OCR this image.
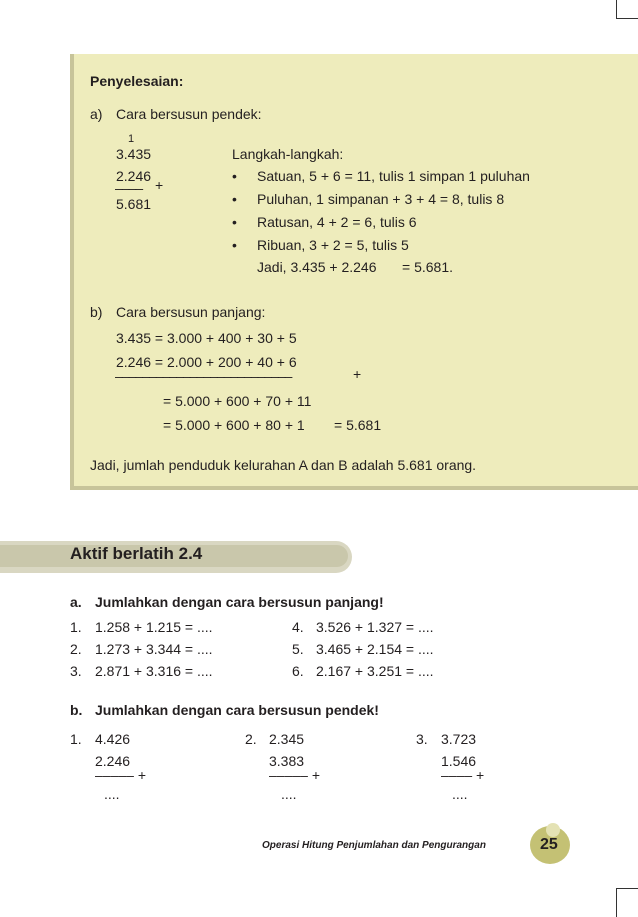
Penyelesaian:
a) Cara bersusun pendek:
1
3.435
2.246
–––– +
5.681
Langkah-langkah:
• Satuan, 5 + 6 = 11, tulis 1 simpan 1 puluhan
• Puluhan, 1 simpanan + 3 + 4 = 8, tulis 8
• Ratusan, 4 + 2 = 6, tulis 6
• Ribuan, 3 + 2 = 5, tulis 5
Jadi, 3.435 + 2.246 = 5.681.
b) Cara bersusun panjang:
3.435 = 3.000 + 400 + 30 + 5
2.246 = 2.000 + 200 + 40 + 6
––––––––––––––––––––––––––	+
= 5.000 + 600 + 70 + 11
= 5.000 + 600 + 80 + 1 = 5.681
Jadi, jumlah penduduk kelurahan A dan B adalah 5.681 orang.
Aktif berlatih 2.4
a. Jumlahkan dengan cara bersusun panjang!
1. 1.258 + 1.215 = ....
2. 1.273 + 3.344 = ....
3. 2.871 + 3.316 = ....
4. 3.526 + 1.327 = ....
5. 3.465 + 2.154 = ....
6. 2.167 + 3.251 = ....
b. Jumlahkan dengan cara bersusun pendek!
1. 4.426
2.246
––––– +
....
2. 2.345
3.383
––––– +
....
3. 3.723
1.546
–––– +
....
Operasi Hitung Penjumlahan dan Pengurangan	25
